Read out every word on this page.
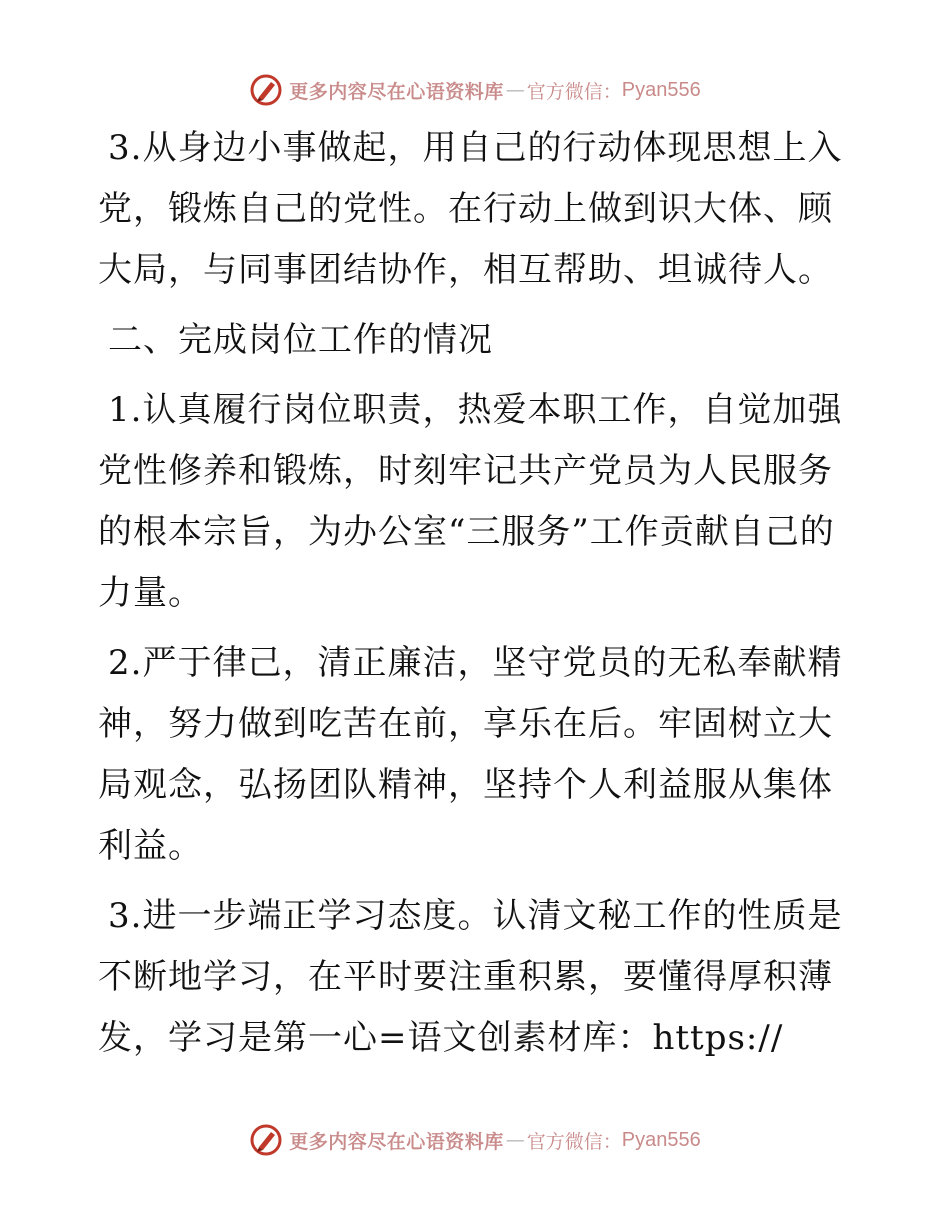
更多内容尽在心语资料库 — 官方微信： Pyan556

3.从身边小事做起，用自己的行动体现思想上入党，锻炼自己的党性。在行动上做到识大体、顾大局，与同事团结协作，相互帮助、坦诚待人。

二、完成岗位工作的情况

1.认真履行岗位职责，热爱本职工作，自觉加强党性修养和锻炼，时刻牢记共产党员为人民服务的根本宗旨，为办公室“三服务”工作贡献自己的力量。

2.严于律己，清正廉洁，坚守党员的无私奉献精神，努力做到吃苦在前，享乐在后。牢固树立大局观念，弘扬团队精神，坚持个人利益服从集体利益。

3.进一步端正学习态度。认清文秘工作的性质是不断地学习，在平时要注重积累，要懂得厚积薄发，学习是第一心=语文创素材库：https://

更多内容尽在心语资料库 — 官方微信： Pyan556
